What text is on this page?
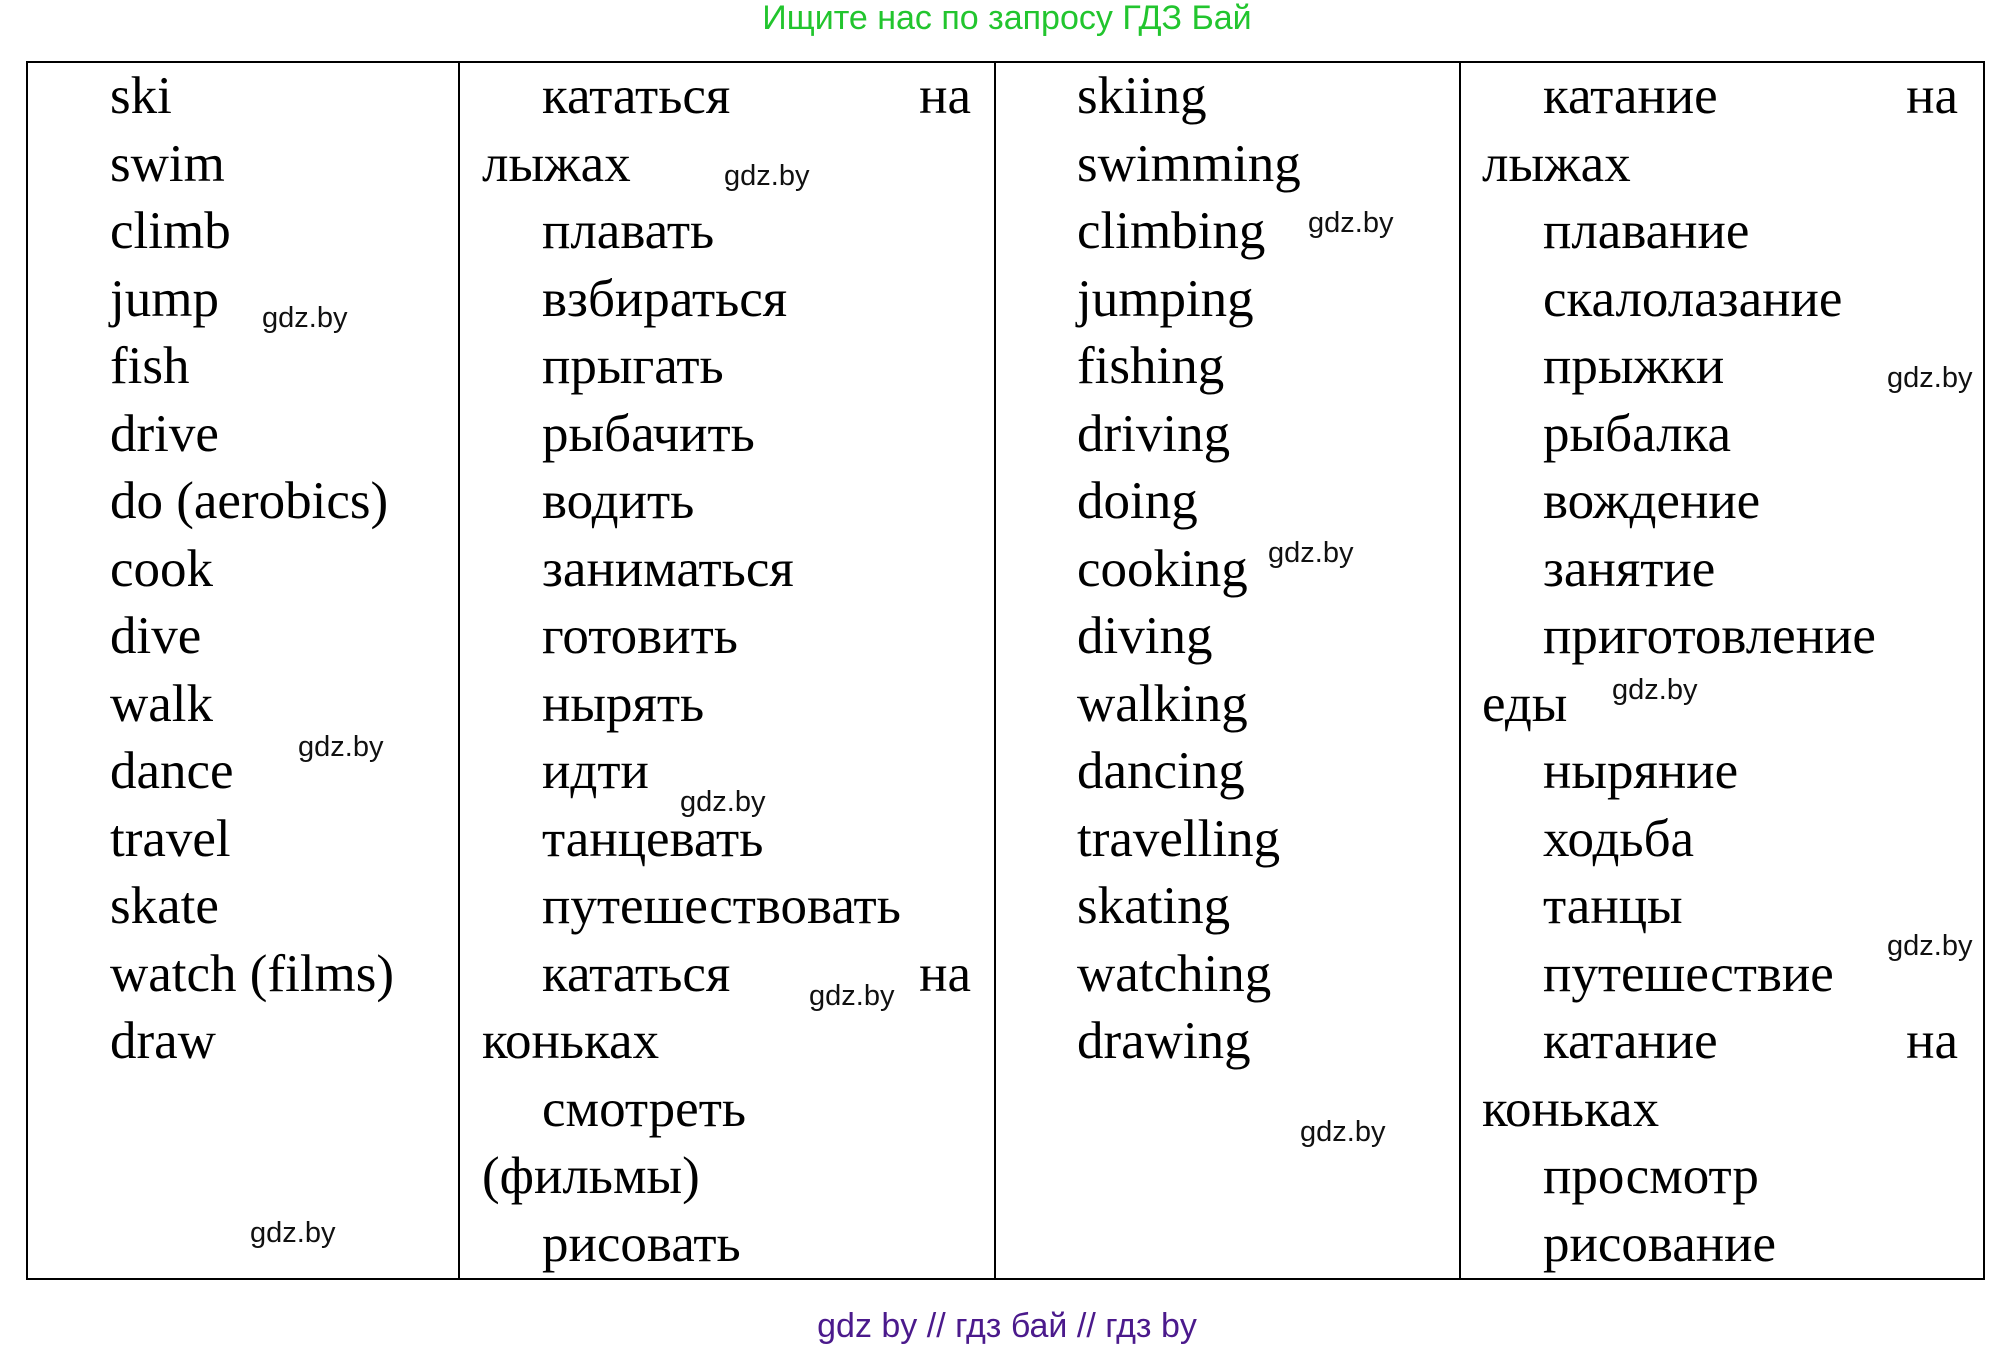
Ищите нас по запросу ГДЗ Бай
ski
swim
climb
jump
fish
drive
do (aerobics)
cook
dive
walk
dance
travel
skate
watch (films)
draw
кататься
лыжах
плавать
взбираться
прыгать
рыбачить
водить
заниматься
готовить
нырять
идти
танцевать
путешествовать
кататься
коньках
смотреть
(фильмы)
рисовать
на
на
skiing
swimming
climbing
jumping
fishing
driving
doing
cooking
diving
walking
dancing
travelling
skating
watching
drawing
катание
лыжах
плавание
скалолазание
прыжки
рыбалка
вождение
занятие
приготовление
еды
ныряние
ходьба
танцы
путешествие
катание
коньках
просмотр
рисование
на
на
gdz.by
gdz.by
gdz.by
gdz.by
gdz.by
gdz.by
gdz.by
gdz.by
gdz.by
gdz.by
gdz.by
gdz.by
gdz by // гдз бай // гдз by
